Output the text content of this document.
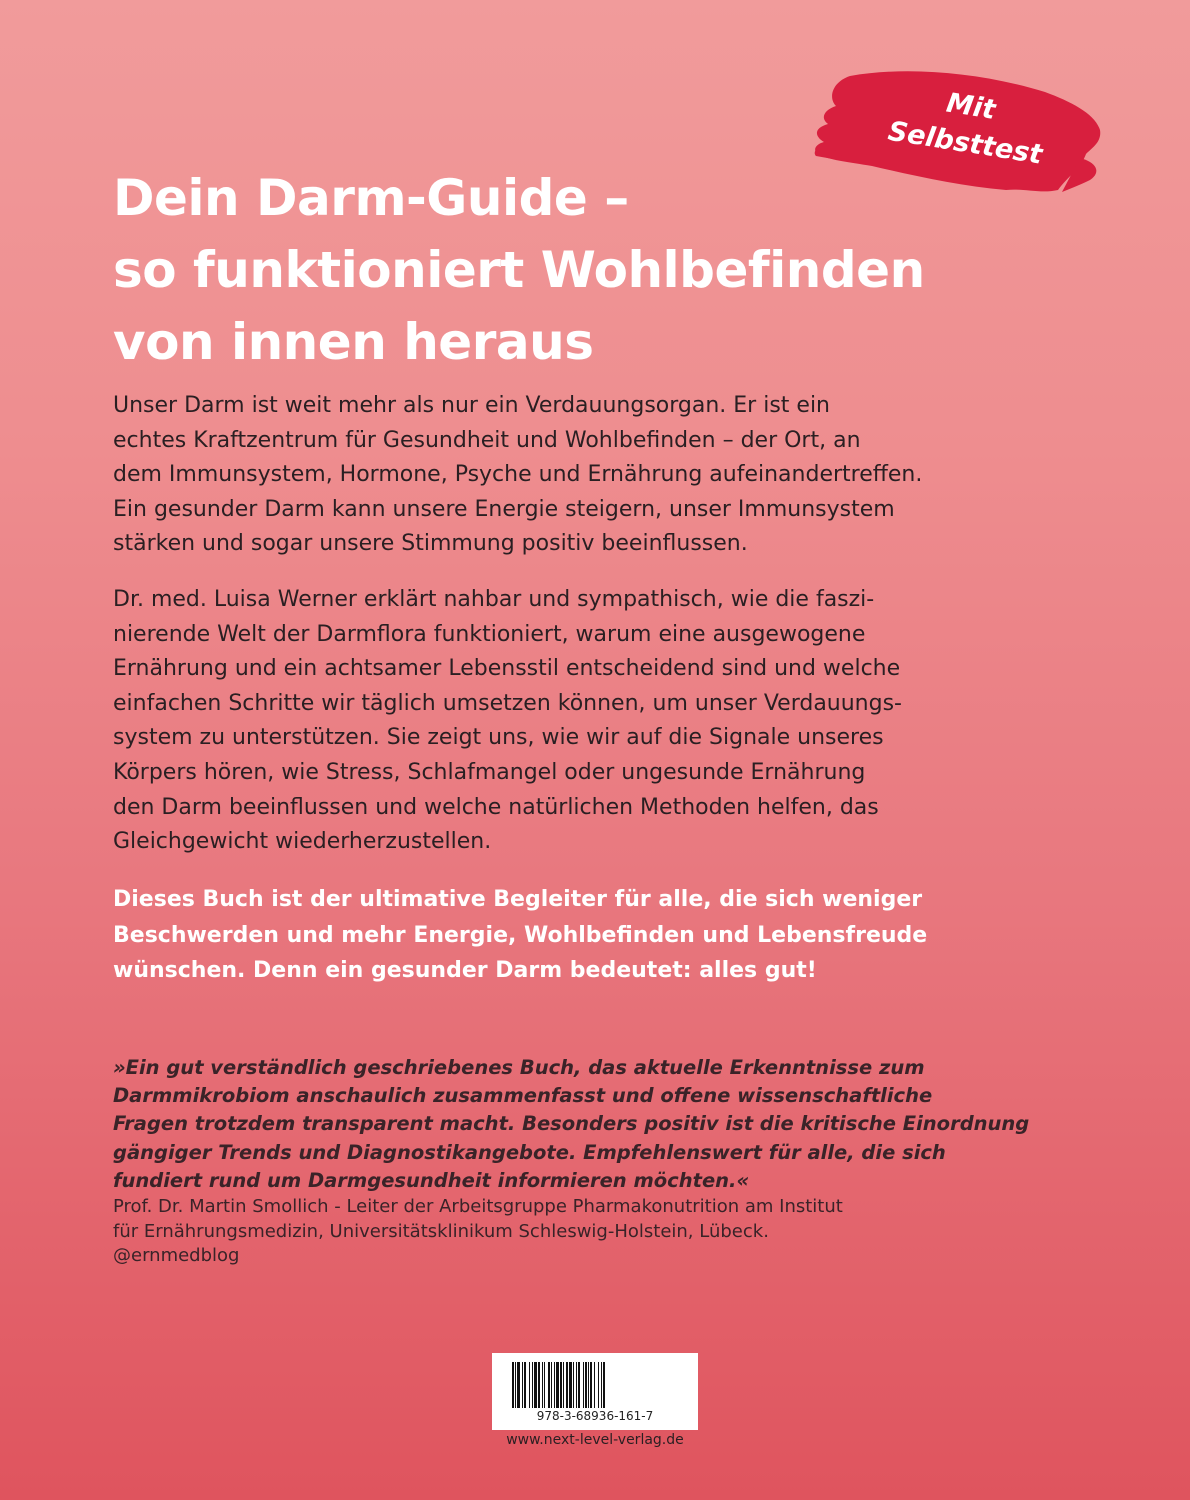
Mit
Selbsttest
Dein Darm-Guide –
so funktioniert Wohlbefinden
von innen heraus

Unser Darm ist weit mehr als nur ein Verdauungsorgan. Er ist ein
echtes Kraftzentrum für Gesundheit und Wohlbefinden – der Ort, an
dem Immunsystem, Hormone, Psyche und Ernährung aufeinandertreffen.
Ein gesunder Darm kann unsere Energie steigern, unser Immunsystem
stärken und sogar unsere Stimmung positiv beeinflussen.

Dr. med. Luisa Werner erklärt nahbar und sympathisch, wie die faszi-
nierende Welt der Darmflora funktioniert, warum eine ausgewogene
Ernährung und ein achtsamer Lebensstil entscheidend sind und welche
einfachen Schritte wir täglich umsetzen können, um unser Verdauungs-
system zu unterstützen. Sie zeigt uns, wie wir auf die Signale unseres
Körpers hören, wie Stress, Schlafmangel oder ungesunde Ernährung
den Darm beeinflussen und welche natürlichen Methoden helfen, das
Gleichgewicht wiederherzustellen.

Dieses Buch ist der ultimative Begleiter für alle, die sich weniger
Beschwerden und mehr Energie, Wohlbefinden und Lebensfreude
wünschen. Denn ein gesunder Darm bedeutet: alles gut!

»Ein gut verständlich geschriebenes Buch, das aktuelle Erkenntnisse zum
Darmmikrobiom anschaulich zusammenfasst und offene wissenschaftliche
Fragen trotzdem transparent macht. Besonders positiv ist die kritische Einordnung
gängiger Trends und Diagnostikangebote. Empfehlenswert für alle, die sich
fundiert rund um Darmgesundheit informieren möchten.«

Prof. Dr. Martin Smollich - Leiter der Arbeitsgruppe Pharmakonutrition am Institut
für Ernährungsmedizin, Universitätsklinikum Schleswig-Holstein, Lübeck.
@ernmedblog

978-3-68936-161-7
www.next-level-verlag.de
